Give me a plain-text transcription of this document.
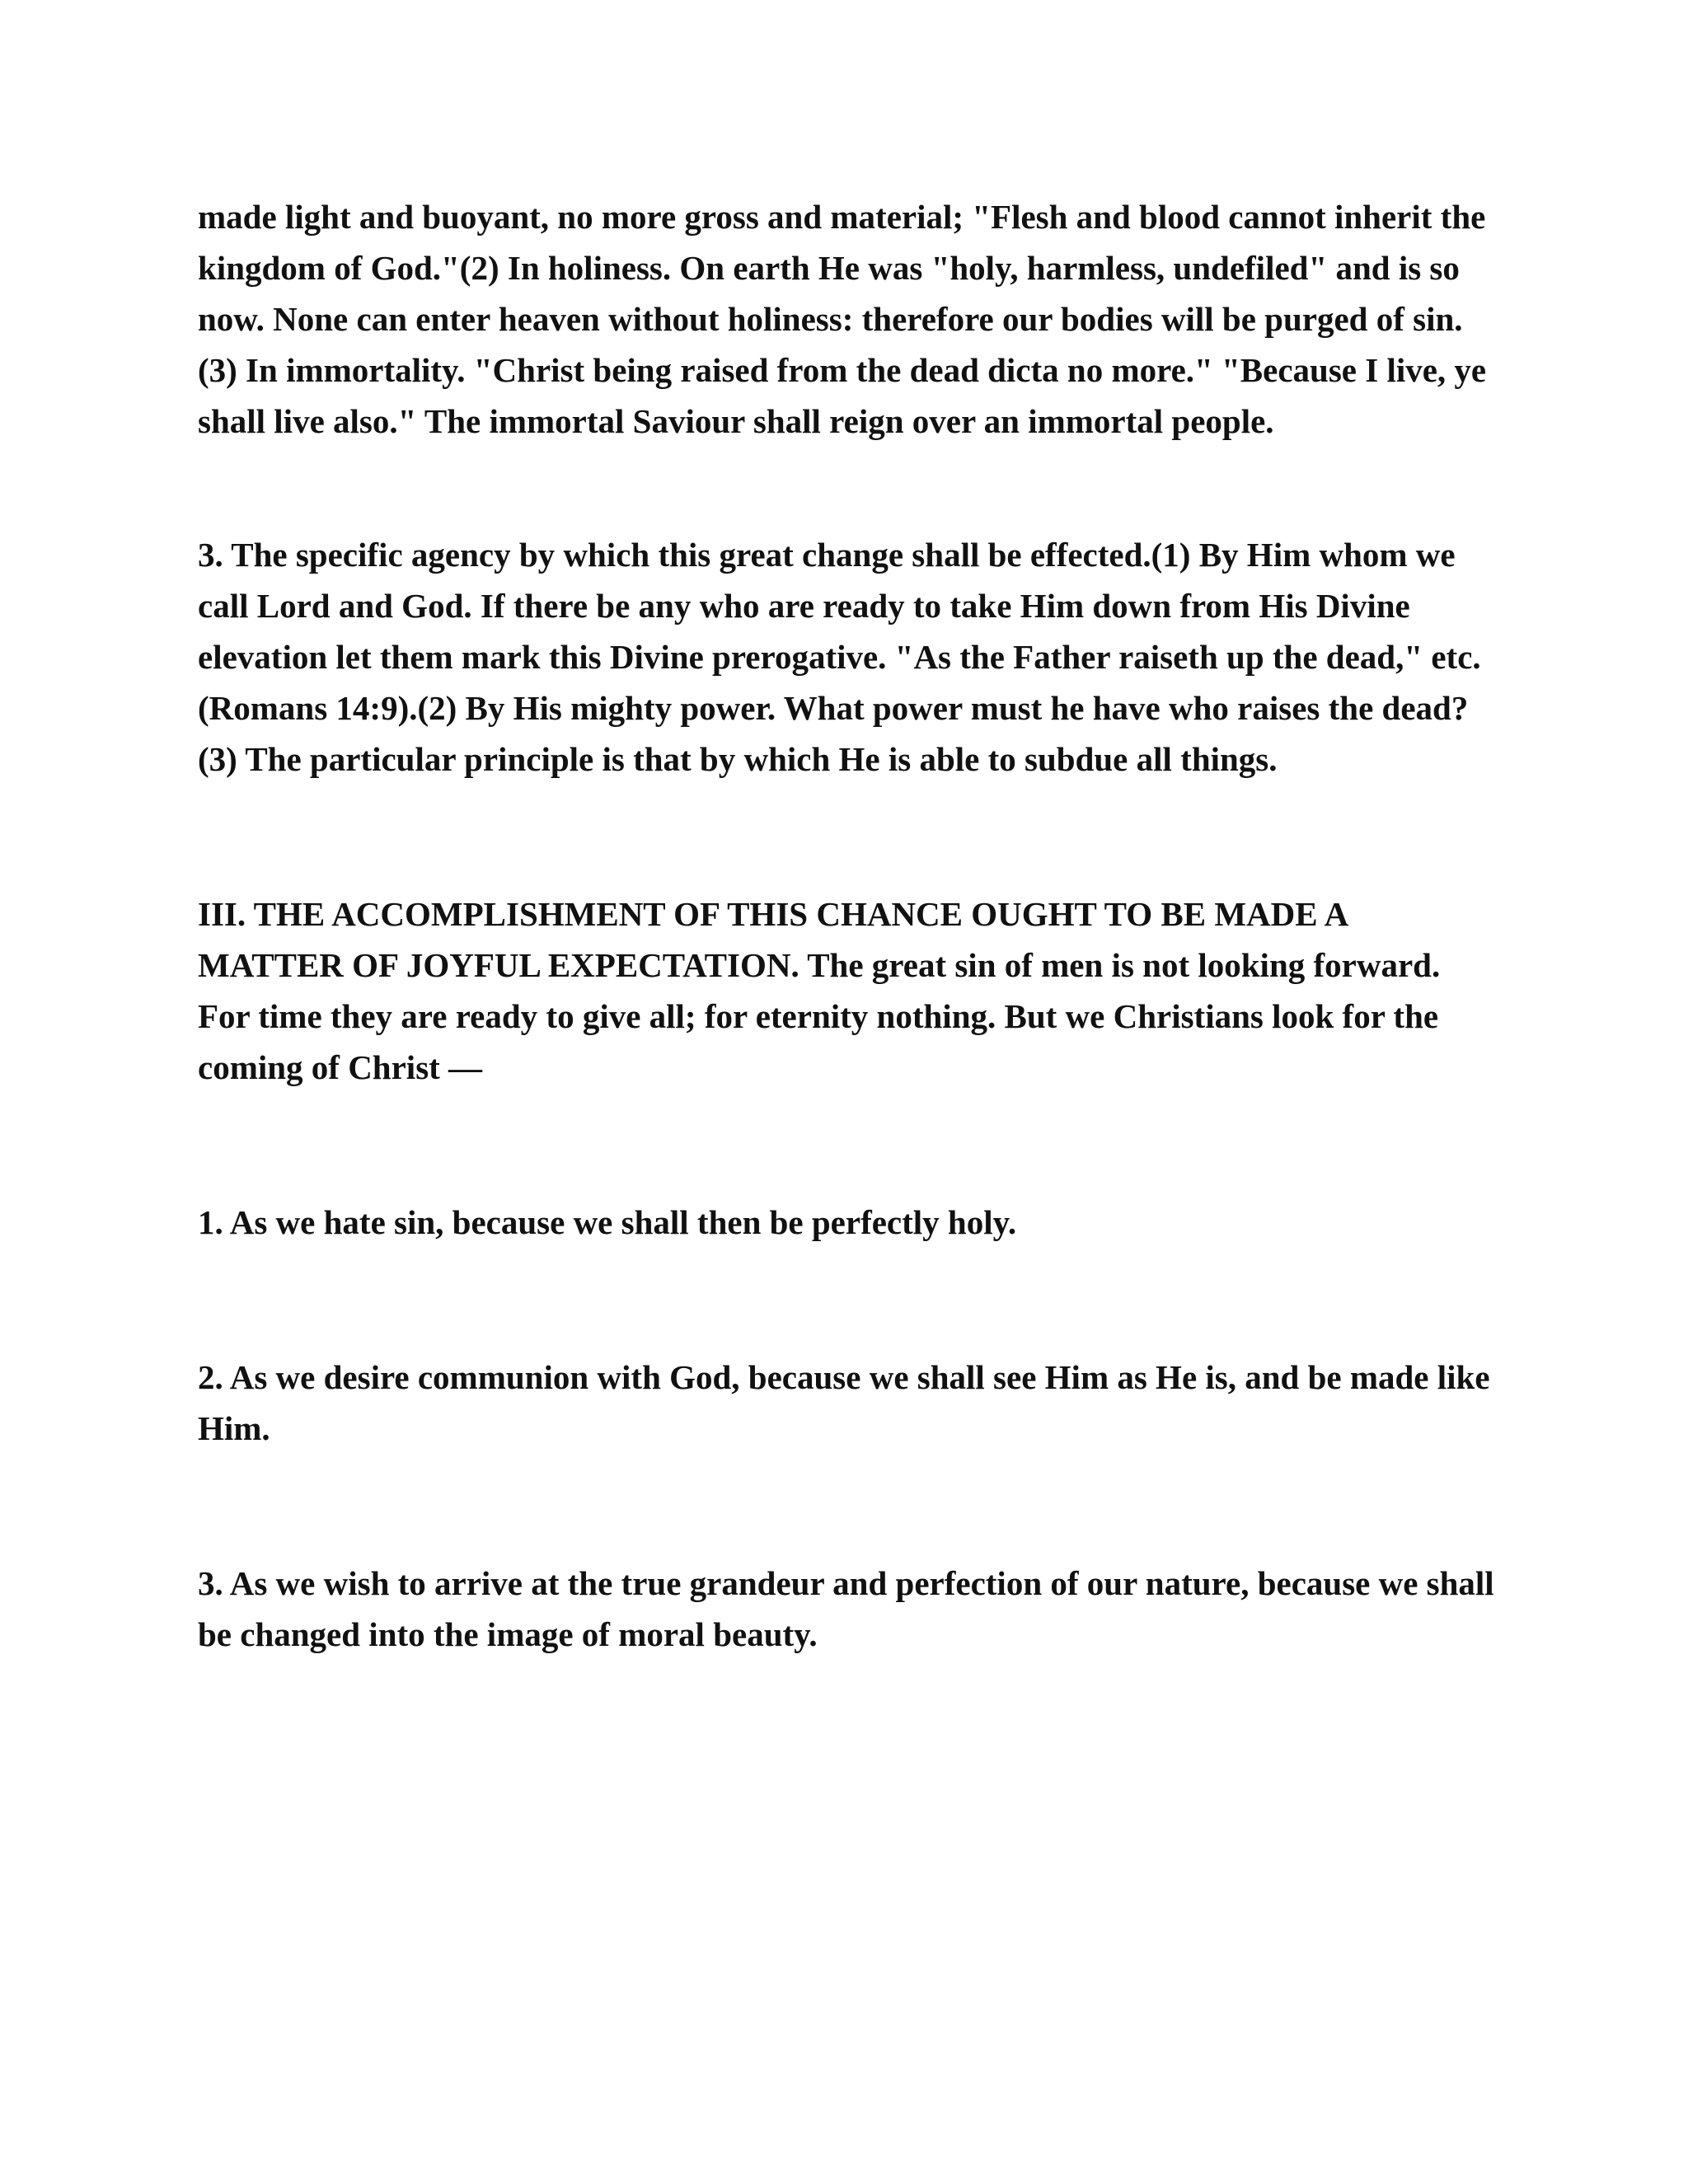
made light and buoyant, no more gross and material; "Flesh and blood cannot inherit the kingdom of God."(2) In holiness. On earth He was "holy, harmless, undefiled" and is so now. None can enter heaven without holiness: therefore our bodies will be purged of sin.(3) In immortality. "Christ being raised from the dead dicta no more." "Because I live, ye shall live also." The immortal Saviour shall reign over an immortal people.

3. The specific agency by which this great change shall be effected.(1) By Him whom we call Lord and God. If there be any who are ready to take Him down from His Divine elevation let them mark this Divine prerogative. "As the Father raiseth up the dead," etc. (Romans 14:9).(2) By His mighty power. What power must he have who raises the dead?(3) The particular principle is that by which He is able to subdue all things.

III. THE ACCOMPLISHMENT OF THIS CHANCE OUGHT TO BE MADE A MATTER OF JOYFUL EXPECTATION. The great sin of men is not looking forward. For time they are ready to give all; for eternity nothing. But we Christians look for the coming of Christ —

1. As we hate sin, because we shall then be perfectly holy.

2. As we desire communion with God, because we shall see Him as He is, and be made like Him.

3. As we wish to arrive at the true grandeur and perfection of our nature, because we shall be changed into the image of moral beauty.
